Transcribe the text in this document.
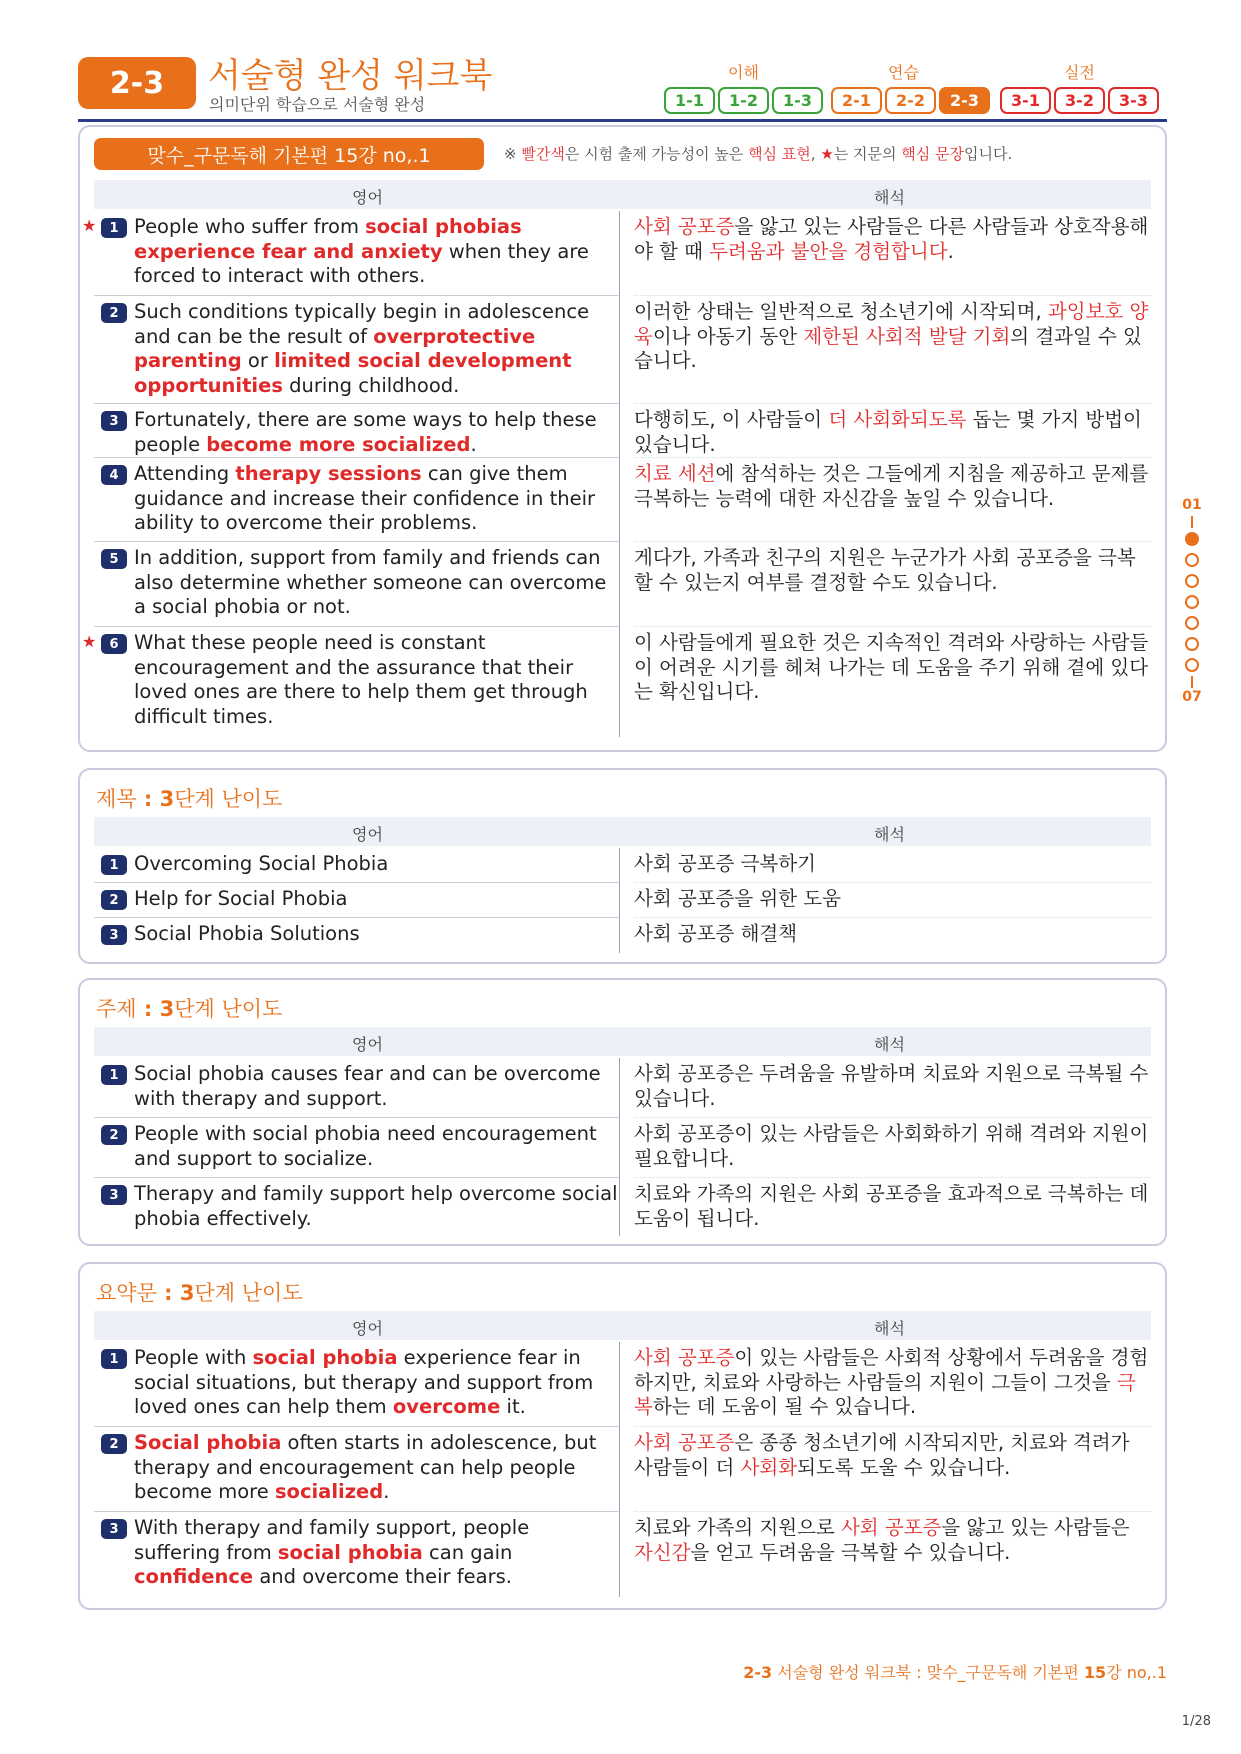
2-3	서술형 완성 워크북
의미단위 학습으로 서술형 완성
이해	연습	실전
1-1	1-2	1-3	2-1	2-2	2-3	3-1	3-2	3-3
맞수_구문독해 기본편 15강 no,.1	※ 빨간색은 시험 출제 가능성이 높은 핵심 표현, ★는 지문의 핵심 문장입니다.
영어	해석
★	1 People who suffer from social phobias experience fear and anxiety when they are forced to interact with others.
사회 공포증을 앓고 있는 사람들은 다른 사람들과 상호작용해야 할 때 두려움과 불안을 경험합니다.
2 Such conditions typically begin in adolescence and can be the result of overprotective parenting or limited social development opportunities during childhood.
이러한 상태는 일반적으로 청소년기에 시작되며, 과잉보호 양육이나 아동기 동안 제한된 사회적 발달 기회의 결과일 수 있습니다.
3 Fortunately, there are some ways to help these people become more socialized.
다행히도, 이 사람들이 더 사회화되도록 돕는 몇 가지 방법이 있습니다.
4 Attending therapy sessions can give them guidance and increase their confidence in their ability to overcome their problems.
치료 세션에 참석하는 것은 그들에게 지침을 제공하고 문제를 극복하는 능력에 대한 자신감을 높일 수 있습니다.
5 In addition, support from family and friends can also determine whether someone can overcome a social phobia or not.
게다가, 가족과 친구의 지원은 누군가가 사회 공포증을 극복할 수 있는지 여부를 결정할 수도 있습니다.
★	6 What these people need is constant encouragement and the assurance that their loved ones are there to help them get through difficult times.
이 사람들에게 필요한 것은 지속적인 격려와 사랑하는 사람들이 어려운 시기를 헤쳐 나가는 데 도움을 주기 위해 곁에 있다는 확신입니다.
제목 : 3단계 난이도
영어	해석
1 Overcoming Social Phobia	사회 공포증 극복하기
2 Help for Social Phobia	사회 공포증을 위한 도움
3 Social Phobia Solutions	사회 공포증 해결책
주제 : 3단계 난이도
영어	해석
1 Social phobia causes fear and can be overcome with therapy and support.
사회 공포증은 두려움을 유발하며 치료와 지원으로 극복될 수 있습니다.
2 People with social phobia need encouragement and support to socialize.
사회 공포증이 있는 사람들은 사회화하기 위해 격려와 지원이 필요합니다.
3 Therapy and family support help overcome social phobia effectively.
치료와 가족의 지원은 사회 공포증을 효과적으로 극복하는 데 도움이 됩니다.
요약문 : 3단계 난이도
영어	해석
1 People with social phobia experience fear in social situations, but therapy and support from loved ones can help them overcome it.
사회 공포증이 있는 사람들은 사회적 상황에서 두려움을 경험하지만, 치료와 사랑하는 사람들의 지원이 그들이 그것을 극복하는 데 도움이 될 수 있습니다.
2 Social phobia often starts in adolescence, but therapy and encouragement can help people become more socialized.
사회 공포증은 종종 청소년기에 시작되지만, 치료와 격려가 사람들이 더 사회화되도록 도울 수 있습니다.
3 With therapy and family support, people suffering from social phobia can gain confidence and overcome their fears.
치료와 가족의 지원으로 사회 공포증을 앓고 있는 사람들은 자신감을 얻고 두려움을 극복할 수 있습니다.
01
07
2-3 서술형 완성 워크북 : 맞수_구문독해 기본편 15강 no,.1
1/28
